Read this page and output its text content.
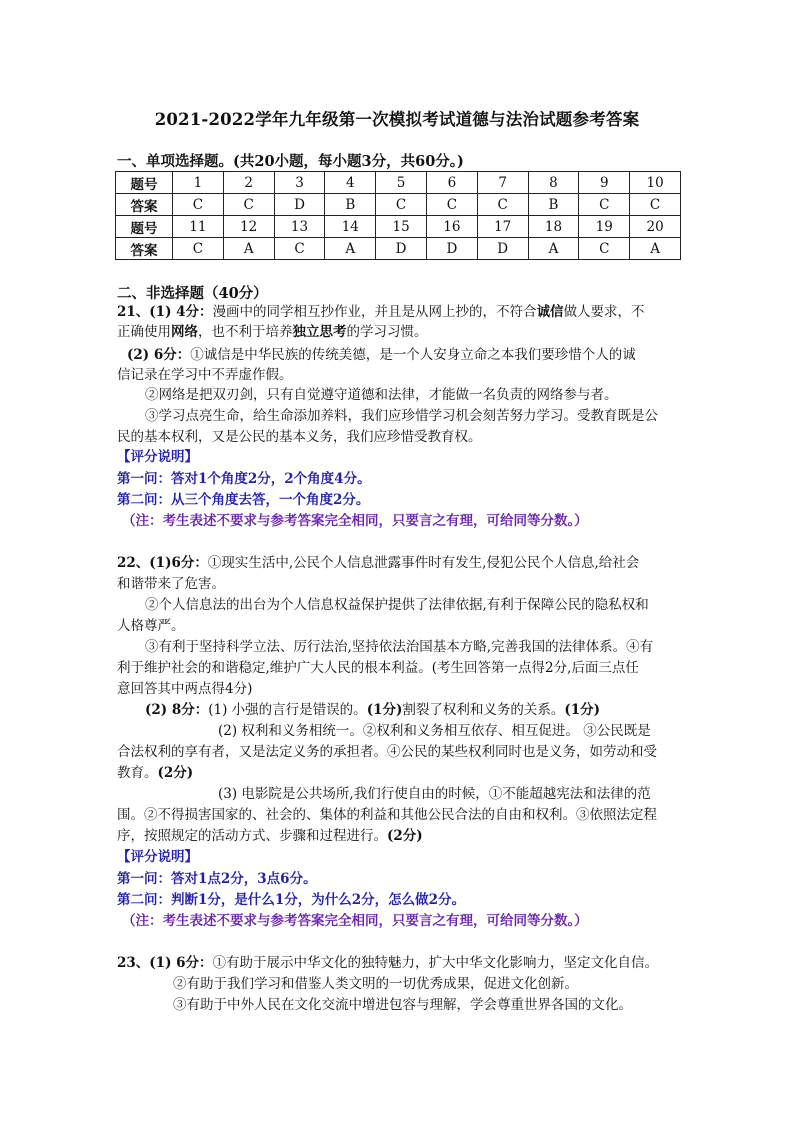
2021-2022学年九年级第一次模拟考试道德与法治试题参考答案
一、单项选择题。(共20小题，每小题3分，共60分。)
题号	1	2	3	4	5	6	7	8	9	10
答案	C	C	D	B	C	C	C	B	C	C
题号	11	12	13	14	15	16	17	18	19	20
答案	C	A	C	A	D	D	D	A	C	A
二、非选择题（40分）
21、(1) 4分：漫画中的同学相互抄作业，并且是从网上抄的，不符合诚信做人要求，不
正确使用网络，也不利于培养独立思考的学习习惯。
(2) 6分：①诚信是中华民族的传统美德，是一个人安身立命之本我们要珍惜个人的诚
信记录在学习中不弄虚作假。
②网络是把双刃剑，只有自觉遵守道德和法律，才能做一名负责的网络参与者。
③学习点亮生命，给生命添加养料，我们应珍惜学习机会刻苦努力学习。受教育既是公
民的基本权利，又是公民的基本义务，我们应珍惜受教育权。
【评分说明】
第一问：答对1个角度2分，2个角度4分。
第二问：从三个角度去答，一个角度2分。
（注：考生表述不要求与参考答案完全相同，只要言之有理，可给同等分数。）
22、(1)6分：①现实生活中,公民个人信息泄露事件时有发生,侵犯公民个人信息,给社会
和谐带来了危害。
②个人信息法的出台为个人信息权益保护提供了法律依据,有利于保障公民的隐私权和
人格尊严。
③有利于坚持科学立法、厉行法治,坚持依法治国基本方略,完善我国的法律体系。④有
利于维护社会的和谐稳定,维护广大人民的根本利益。(考生回答第一点得2分,后面三点任
意回答其中两点得4分)
(2) 8分：(1) 小强的言行是错误的。(1分)割裂了权利和义务的关系。(1分)
(2) 权利和义务相统一。②权利和义务相互依存、相互促进。 ③公民既是
合法权利的享有者，又是法定义务的承担者。④公民的某些权利同时也是义务，如劳动和受
教育。(2分)
(3) 电影院是公共场所,我们行使自由的时候，①不能超越宪法和法律的范
围。②不得损害国家的、社会的、集体的利益和其他公民合法的自由和权利。③依照法定程
序，按照规定的活动方式、步骤和过程进行。(2分)
【评分说明】
第一问：答对1点2分，3点6分。
第二问：判断1分，是什么1分，为什么2分，怎么做2分。
（注：考生表述不要求与参考答案完全相同，只要言之有理，可给同等分数。）
23、(1) 6分：①有助于展示中华文化的独特魅力，扩大中华文化影响力，坚定文化自信。
②有助于我们学习和借鉴人类文明的一切优秀成果，促进文化创新。
③有助于中外人民在文化交流中增进包容与理解，学会尊重世界各国的文化。
